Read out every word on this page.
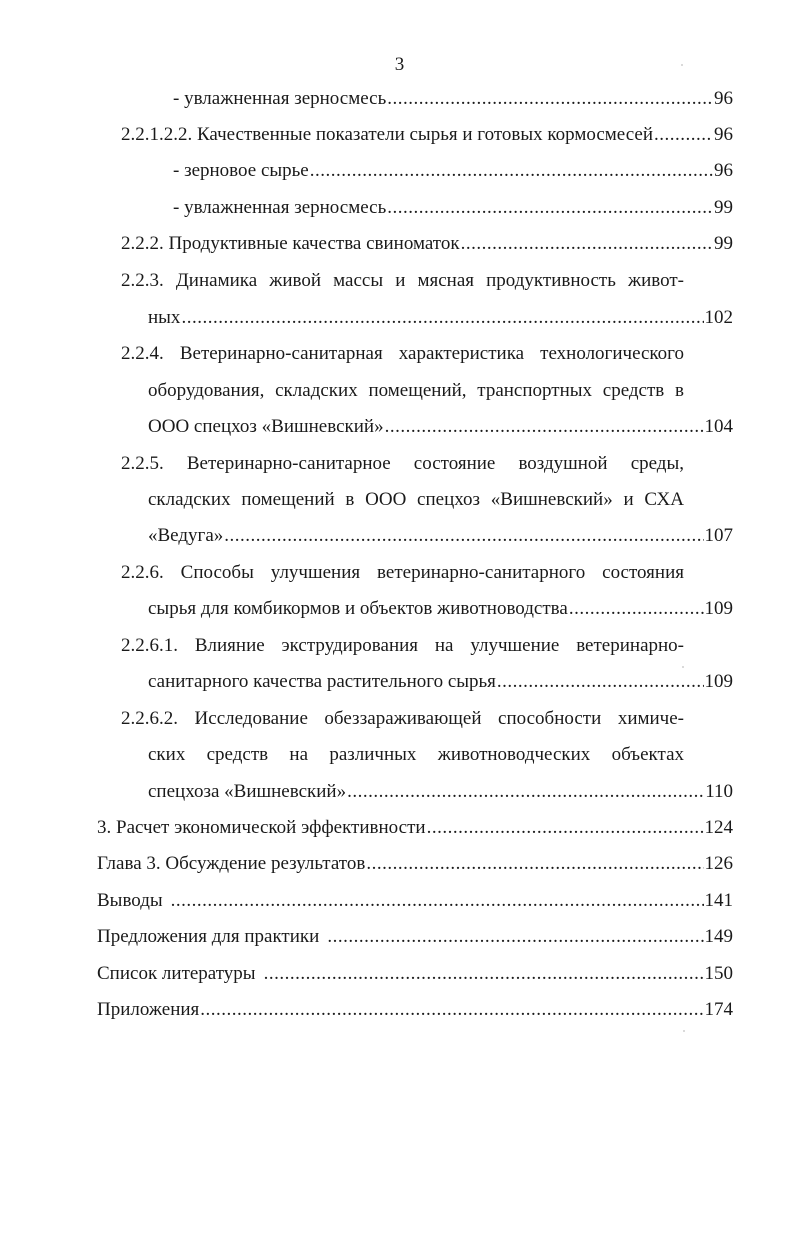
3
- увлажненная зерносмесь .....	96
2.2.1.2.2. Качественные показатели сырья и готовых кормосмесей .....	96
- зерновое сырье .....	96
- увлажненная зерносмесь .....	99
2.2.2. Продуктивные качества свиноматок .....	99
2.2.3. Динамика живой массы и мясная продуктивность живот-
ных .....	102
2.2.4. Ветеринарно-санитарная характеристика технологического
оборудования, складских помещений, транспортных средств в
ООО спецхоз «Вишневский» .....	104
2.2.5. Ветеринарно-санитарное состояние воздушной среды,
складских помещений в ООО спецхоз «Вишневский» и СХА
«Ведуга» .....	107
2.2.6. Способы улучшения ветеринарно-санитарного состояния
сырья для комбикормов и объектов животноводства .....	109
2.2.6.1. Влияние экструдирования на улучшение ветеринарно-
санитарного качества растительного сырья .....	109
2.2.6.2. Исследование обеззараживающей способности химиче-
ских средств на различных животноводческих объектах
спецхоза «Вишневский» .....	110
3. Расчет экономической эффективности .....	124
Глава 3. Обсуждение результатов .....	126
Выводы .....	141
Предложения для практики .....	149
Список литературы .....	150
Приложения .....	174
